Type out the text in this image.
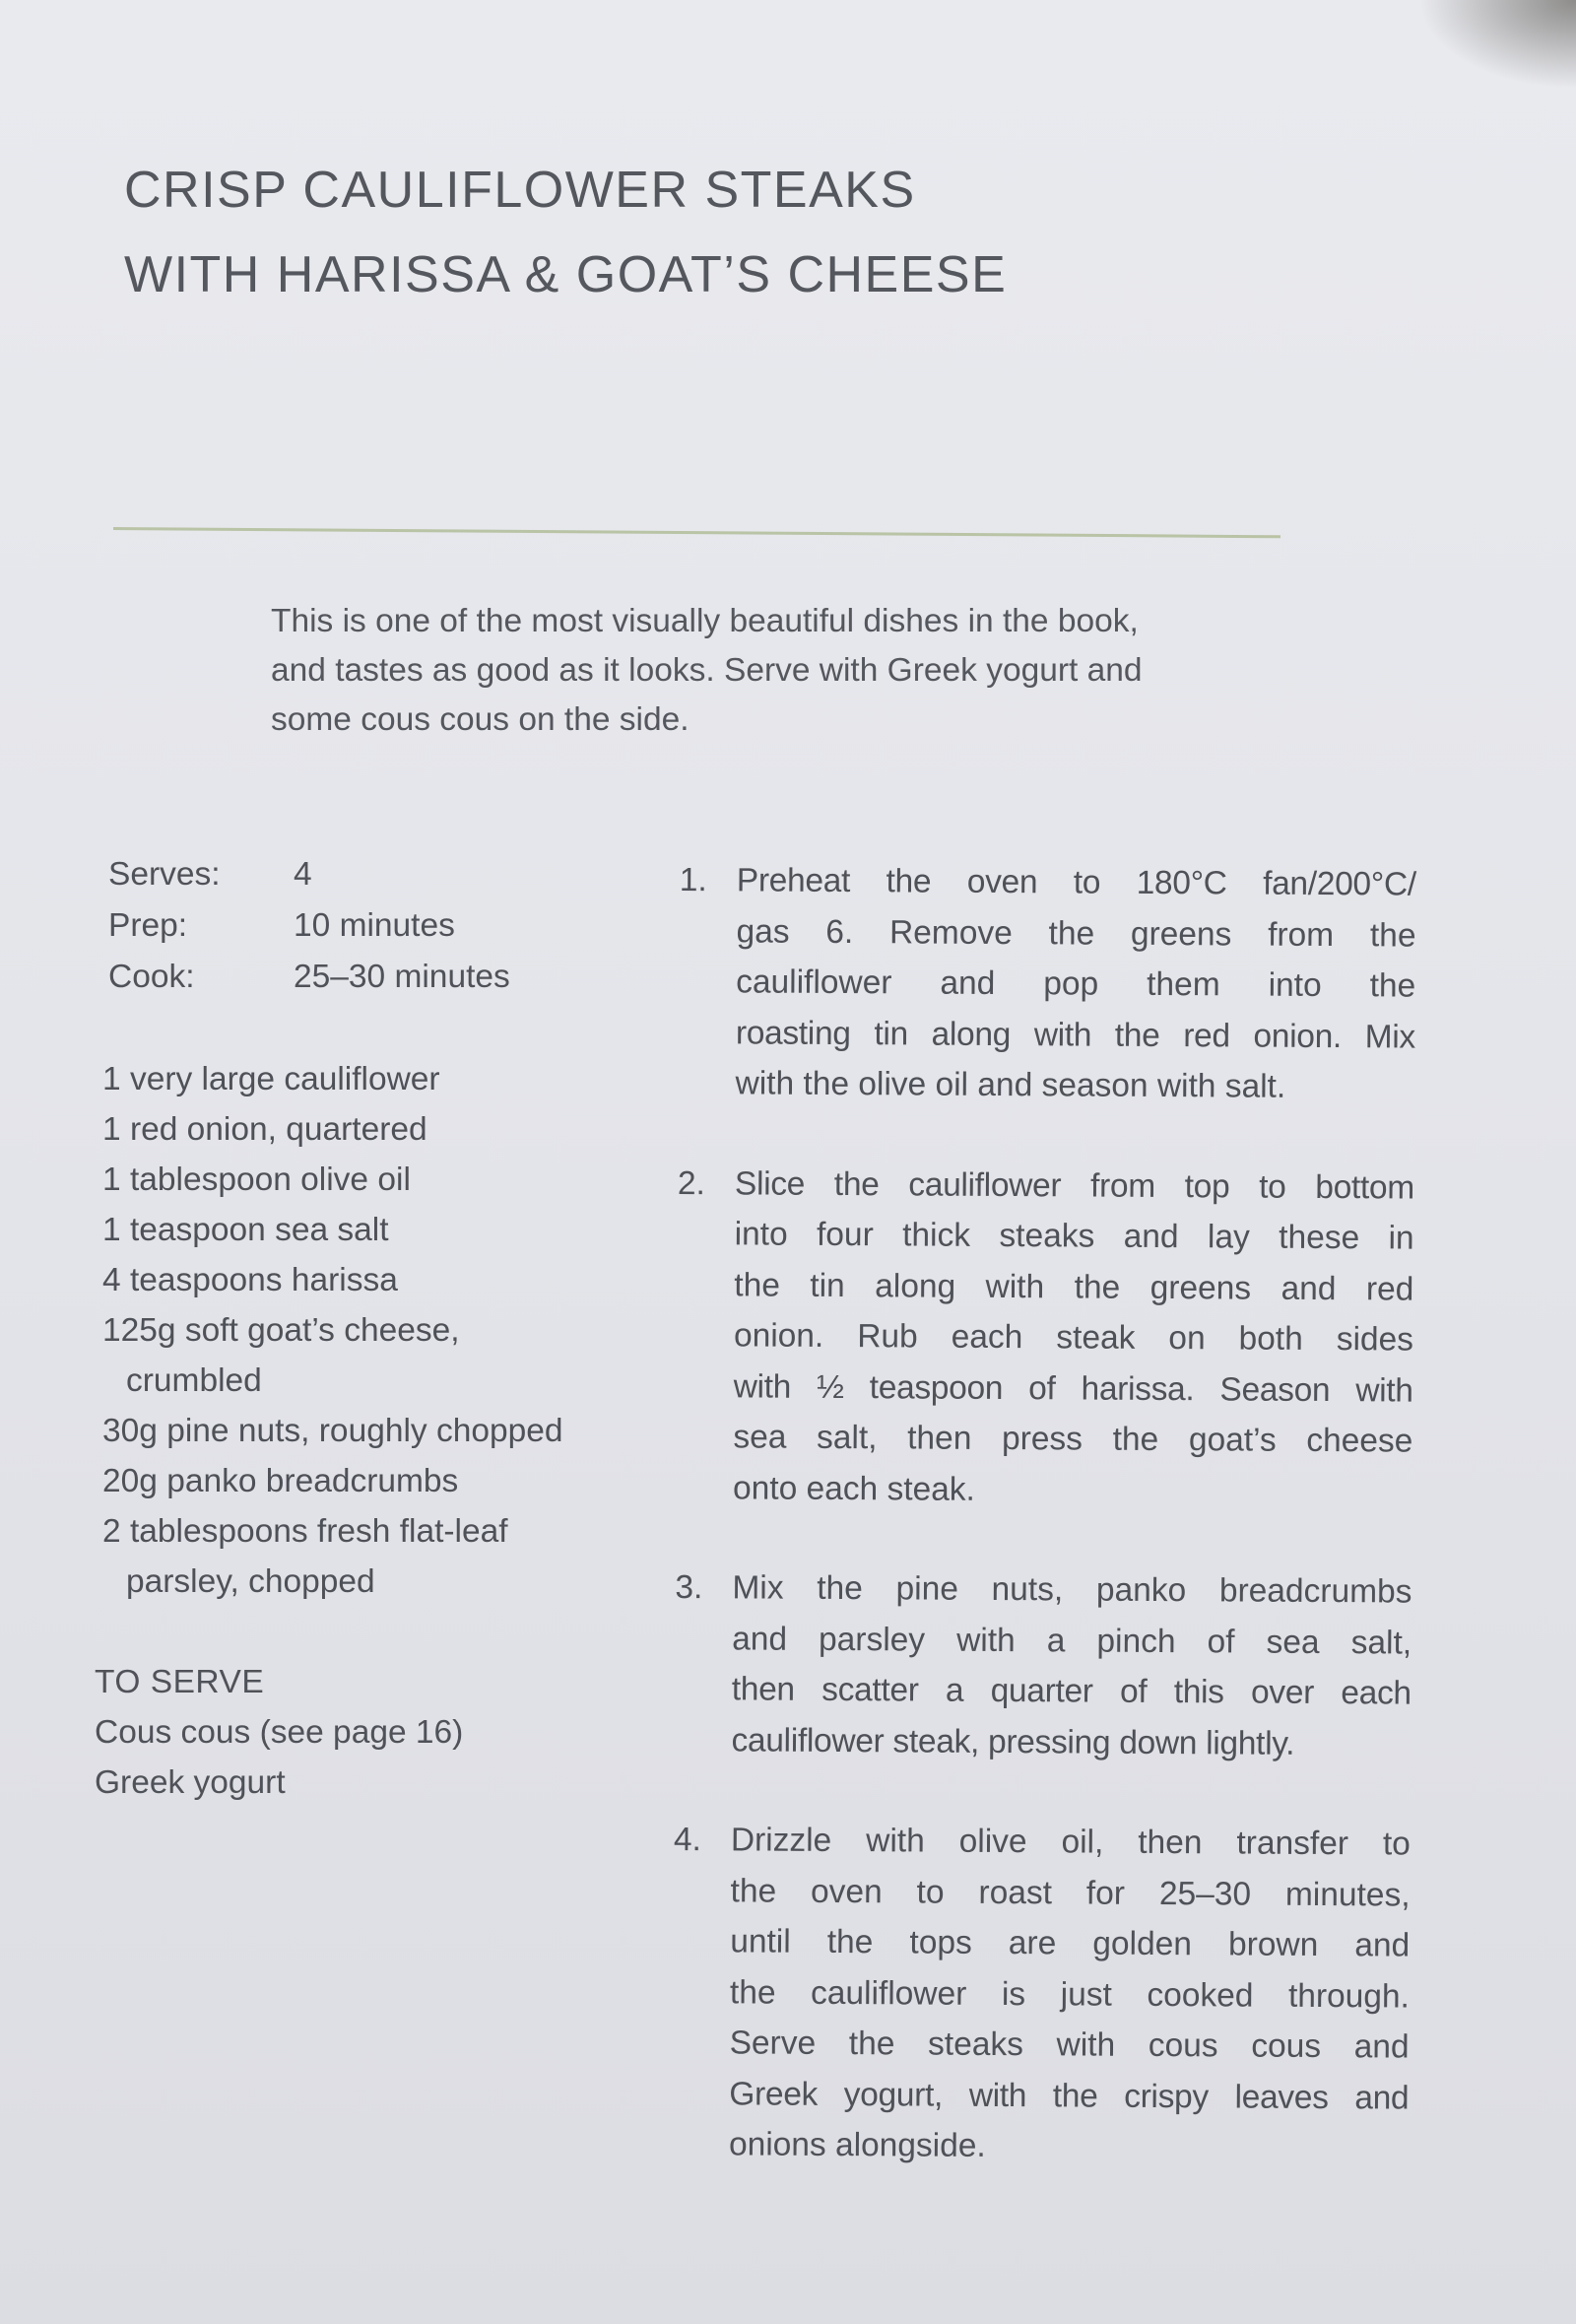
CRISP CAULIFLOWER STEAKS
WITH HARISSA & GOAT’S CHEESE

This is one of the most visually beautiful dishes in the book,
and tastes as good as it looks. Serve with Greek yogurt and
some cous cous on the side.

Serves:	4
Prep:	10 minutes
Cook:	25–30 minutes
1 very large cauliflower
1 red onion, quartered
1 tablespoon olive oil
1 teaspoon sea salt
4 teaspoons harissa
125g soft goat’s cheese,
crumbled
30g pine nuts, roughly chopped
20g panko breadcrumbs
2 tablespoons fresh flat-leaf
parsley, chopped
TO SERVE
Cous cous (see page 16)
Greek yogurt
1. Preheat the oven to 180°C fan/200°C/
gas 6. Remove the greens from the
cauliflower and pop them into the
roasting tin along with the red onion. Mix
with the olive oil and season with salt.
2. Slice the cauliflower from top to bottom
into four thick steaks and lay these in
the tin along with the greens and red
onion. Rub each steak on both sides
with ½ teaspoon of harissa. Season with
sea salt, then press the goat’s cheese
onto each steak.
3. Mix the pine nuts, panko breadcrumbs
and parsley with a pinch of sea salt,
then scatter a quarter of this over each
cauliflower steak, pressing down lightly.
4. Drizzle with olive oil, then transfer to
the oven to roast for 25–30 minutes,
until the tops are golden brown and
the cauliflower is just cooked through.
Serve the steaks with cous cous and
Greek yogurt, with the crispy leaves and
onions alongside.
